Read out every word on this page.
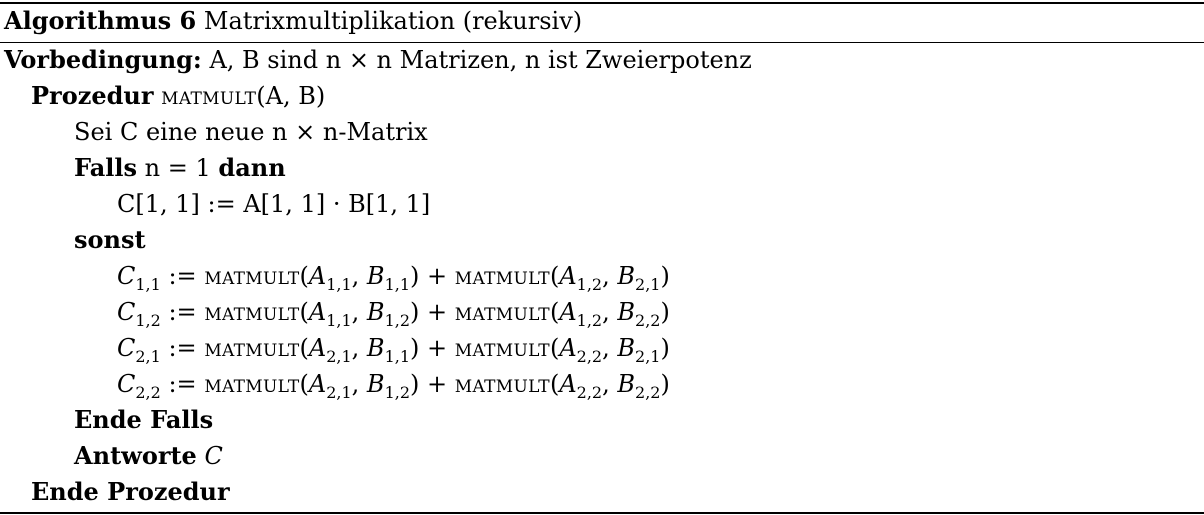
Algorithmus 6 Matrixmultiplikation (rekursiv)
Vorbedingung: A, B sind n × n Matrizen, n ist Zweierpotenz
Prozedur matmult(A, B)
Sei C eine neue n × n-Matrix
Falls n = 1 dann
C[1, 1] := A[1, 1] · B[1, 1]
sonst
$C_{1,1}$ := $matmult(A_{1,1}$, $B_{1,1}$) + $matmult(A_{1,2}$, $B_{2,1}$)
$C_{1,2}$ := $matmult(A_{1,1}$, $B_{1,2}$) + $matmult(A_{1,2}$, $B_{2,2}$)
$C_{2,1}$ := $matmult(A_{2,1}$, $B_{1,1}$) + $matmult(A_{2,2}$, $B_{2,1}$)
$C_{2,2}$ := $matmult(A_{2,1}$, $B_{1,2}$) + $matmult(A_{2,2}$, $B_{2,2}$)
Ende Falls
Antworte C
Ende Prozedur
